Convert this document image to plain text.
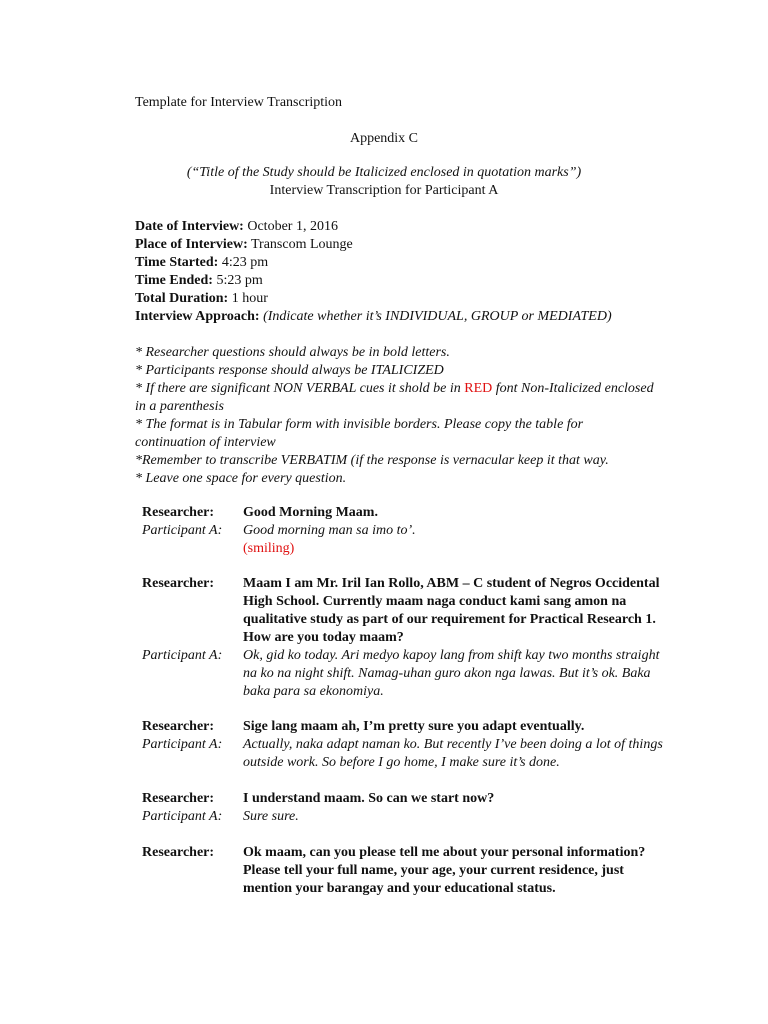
Template for Interview Transcription
Appendix C
(“Title of the Study should be Italicized enclosed in quotation marks”)
Interview Transcription for Participant A
Date of Interview: October 1, 2016
Place of Interview: Transcom Lounge
Time Started: 4:23 pm
Time Ended: 5:23 pm
Total Duration: 1 hour
Interview Approach: (Indicate whether it’s INDIVIDUAL, GROUP or MEDIATED)

* Researcher questions should always be in bold letters.

* Participants response should always be ITALICIZED

* If there are significant NON VERBAL cues it shold be in RED font Non-Italicized enclosed in a parenthesis

* The format is in Tabular form with invisible borders. Please copy the table for continuation of interview

*Remember to transcribe VERBATIM (if the response is vernacular keep it that way.

* Leave one space for every question.

Researcher:	Good Morning Maam.
Participant A:	Good morning man sa imo to’.

(smiling)

Researcher:	Maam I am Mr. Iril Ian Rollo, ABM – C student of Negros Occidental High School. Currently maam naga conduct kami sang amon na qualitative study as part of our requirement for Practical Research 1. How are you today maam?
Participant A:	Ok, gid ko today. Ari medyo kapoy lang from shift kay two months straight na ko na night shift. Namag-uhan guro akon nga lawas. But it’s ok. Baka baka para sa ekonomiya.
Researcher:	Sige lang maam ah, I’m pretty sure you adapt eventually.
Participant A:	Actually, naka adapt naman ko. But recently I’ve been doing a lot of things outside work. So before I go home, I make sure it’s done.
Researcher:	I understand maam. So can we start now?
Participant A:	Sure sure.
Researcher:	Ok maam, can you please tell me about your personal information? Please tell your full name, your age, your current residence, just mention your barangay and your educational status.
